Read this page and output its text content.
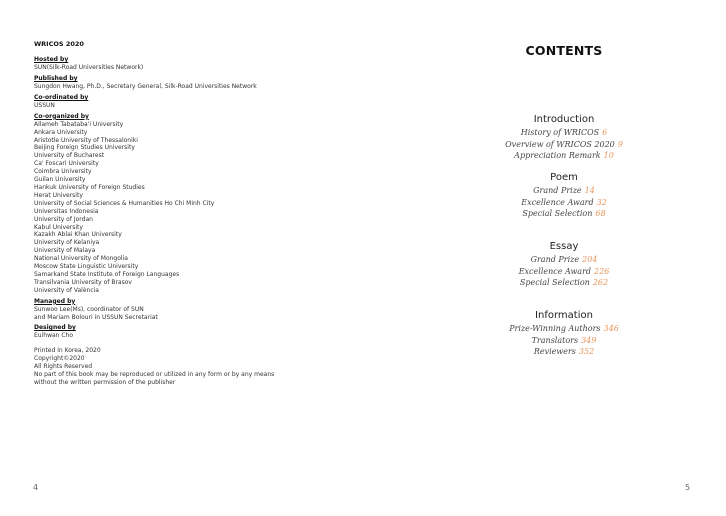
WRICOS 2020
Hosted by
SUN(Silk-Road Universities Network)
Published by
Sungdon Hwang, Ph.D., Secretary General, Silk-Road Universities Network
Co-ordinated by
USSUN
Co-organized by
Allameh Tabataba'i University
Ankara University
Aristotle University of Thessaloniki
Beijing Foreign Studies University
University of Bucharest
Ca' Foscari University
Coimbra University
Guilan University
Hankuk University of Foreign Studies
Herat University
University of Social Sciences & Humanities Ho Chi Minh City
Universitas Indonesia
University of Jordan
Kabul University
Kazakh Ablai Khan University
University of Kelaniya
University of Malaya
National University of Mongolia
Moscow State Linguistic University
Samarkand State Institute of Foreign Languages
Transilvania University of Brasov
University of València
Managed by
Sunwoo Lee(Ms), coordinator of SUN
and Mariam Bolouri in USSUN Secretariat
Designed by
Euihwan Cho
Printed in Korea, 2020
Copyright©2020
All Rights Reserved
No part of this book may be reproduced or utilized in any form or by any means
without the written permission of the publisher
4
CONTENTS
Introduction
History of WRICOS 6
Overview of WRICOS 2020 9
Appreciation Remark 10
Poem
Grand Prize 14
Excellence Award 32
Special Selection 68
Essay
Grand Prize 204
Excellence Award 226
Special Selection 262
Information
Prize-Winning Authors 346
Translators 349
Reviewers 352
5
